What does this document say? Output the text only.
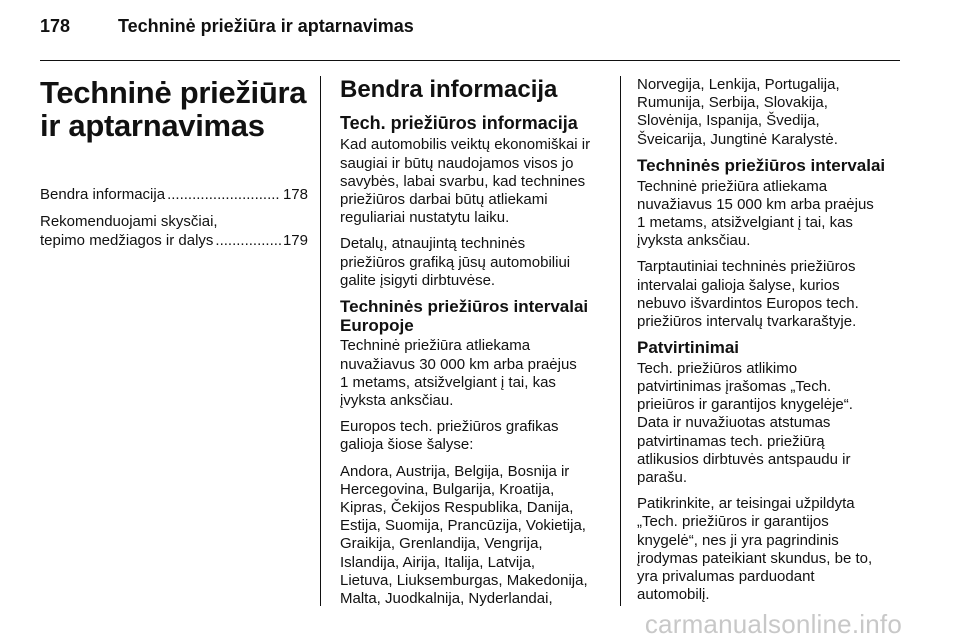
178	Techninė priežiūra ir aptarnavimas
Techninė priežiūra ir aptarnavimas
Bendra informacija .....	178
Rekomenduojami skysčiai,
tepimo medžiagos ir dalys .....	179
Bendra informacija
Tech. priežiūros informacija

Kad automobilis veiktų ekonomiškai ir
saugiai ir būtų naudojamos visos jo
savybės, labai svarbu, kad technines
priežiūros darbai būtų atliekami
reguliariai nustatytu laiku.

Detalų, atnaujintą techninės
priežiūros grafiką jūsų automobiliui
galite įsigyti dirbtuvėse.

Techninės priežiūros intervalai
Europoje

Techninė priežiūra atliekama
nuvažiavus 30 000 km arba praėjus
1 metams, atsižvelgiant į tai, kas
įvyksta anksčiau.

Europos tech. priežiūros grafikas
galioja šiose šalyse:

Andora, Austrija, Belgija, Bosnija ir
Hercegovina, Bulgarija, Kroatija,
Kipras, Čekijos Respublika, Danija,
Estija, Suomija, Prancūzija, Vokietija,
Graikija, Grenlandija, Vengrija,
Islandija, Airija, Italija, Latvija,
Lietuva, Liuksemburgas, Makedonija,
Malta, Juodkalnija, Nyderlandai,

Norvegija, Lenkija, Portugalija,
Rumunija, Serbija, Slovakija,
Slovėnija, Ispanija, Švedija,
Šveicarija, Jungtinė Karalystė.

Techninės priežiūros intervalai

Techninė priežiūra atliekama
nuvažiavus 15 000 km arba praėjus
1 metams, atsižvelgiant į tai, kas
įvyksta anksčiau.

Tarptautiniai techninės priežiūros
intervalai galioja šalyse, kurios
nebuvo išvardintos Europos tech.
priežiūros intervalų tvarkaraštyje.

Patvirtinimai

Tech. priežiūros atlikimo
patvirtinimas įrašomas „Tech.
prieiūros ir garantijos knygelėje“.
Data ir nuvažiuotas atstumas
patvirtinamas tech. priežiūrą
atlikusios dirbtuvės antspaudu ir
parašu.

Patikrinkite, ar teisingai užpildyta
„Tech. priežiūros ir garantijos
knygelė“, nes ji yra pagrindinis
įrodymas pateikiant skundus, be to,
yra privalumas parduodant
automobilį.

carmanualsonline.info
